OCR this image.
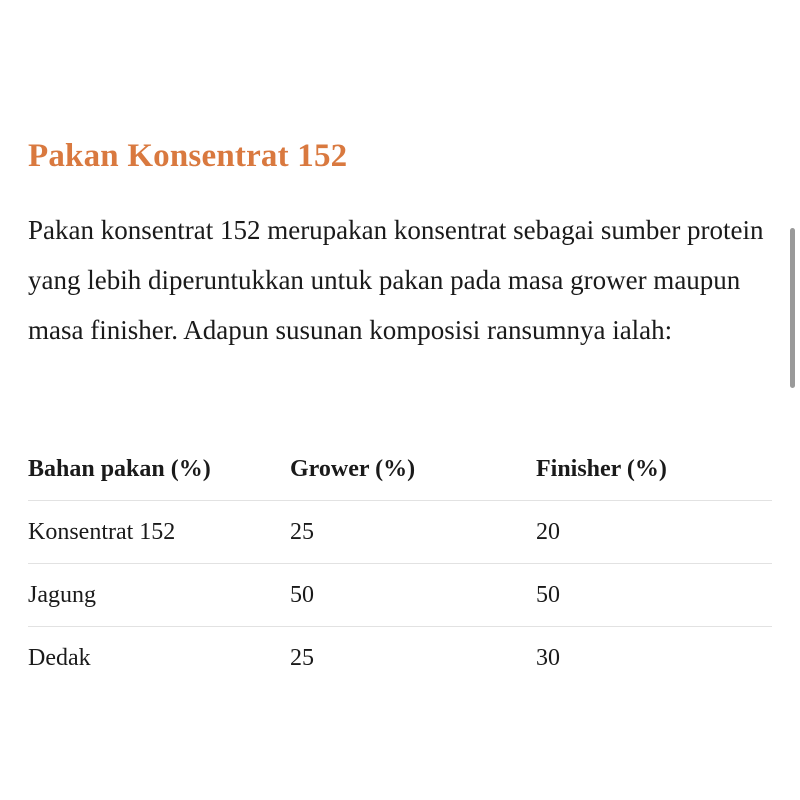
Pakan Konsentrat 152

Pakan konsentrat 152 merupakan konsentrat sebagai sumber protein yang lebih diperuntukkan untuk pakan pada masa grower maupun masa finisher. Adapun susunan komposisi ransumnya ialah:

Bahan pakan (%)	Grower (%)	Finisher (%)
Konsentrat 152	25	20
Jagung	50	50
Dedak	25	30
